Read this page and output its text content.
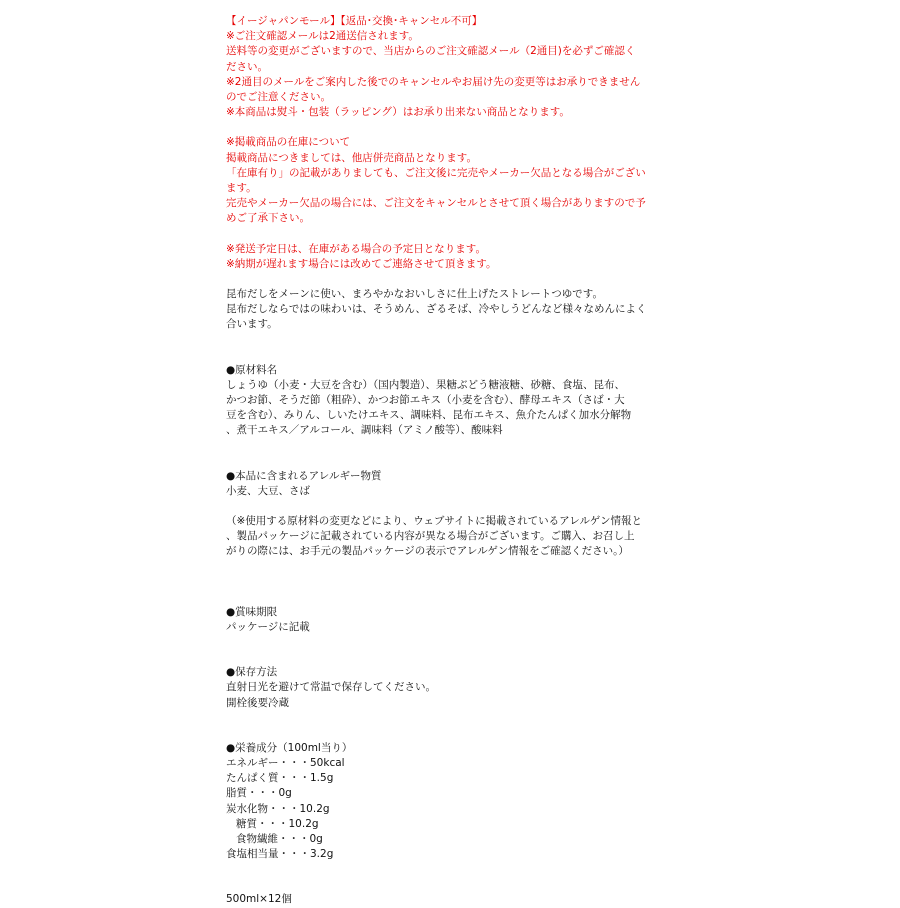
【イージャパンモール】【返品･交換･キャンセル不可】
※ご注文確認メールは2通送信されます。
送料等の変更がございますので、当店からのご注文確認メール（2通目)を必ずご確認く
ださい。
※2通目のメールをご案内した後でのキャンセルやお届け先の変更等はお承りできません
のでご注意ください。
※本商品は熨斗・包装（ラッピング）はお承り出来ない商品となります。
※掲載商品の在庫について
掲載商品につきましては、他店併売商品となります。
「在庫有り」の記載がありましても、ご注文後に完売やメーカー欠品となる場合がござい
ます。
完売やメーカー欠品の場合には、ご注文をキャンセルとさせて頂く場合がありますので予
めご了承下さい。
※発送予定日は、在庫がある場合の予定日となります。
※納期が遅れます場合には改めてご連絡させて頂きます。
昆布だしをメーンに使い、まろやかなおいしさに仕上げたストレートつゆです。
昆布だしならではの味わいは、そうめん、ざるそば、冷やしうどんなど様々なめんによく
合います。
●原材料名
しょうゆ（小麦・大豆を含む）（国内製造）、果糖ぶどう糖液糖、砂糖、食塩、昆布、
かつお節、そうだ節（粗砕）、かつお節エキス（小麦を含む）、酵母エキス（さば・大
豆を含む）、みりん、しいたけエキス、調味料、昆布エキス、魚介たんぱく加水分解物
、煮干エキス／アルコール、調味料（アミノ酸等）、酸味料
●本品に含まれるアレルギー物質
小麦、大豆、さば
（※使用する原材料の変更などにより、ウェブサイトに掲載されているアレルゲン情報と
、製品パッケージに記載されている内容が異なる場合がございます。ご購入、お召し上
がりの際には、お手元の製品パッケージの表示でアレルゲン情報をご確認ください。）
●賞味期限
パッケージに記載
●保存方法
直射日光を避けて常温で保存してください。
開栓後要冷蔵
●栄養成分（100ml当り）
エネルギー・・・50kcal
たんぱく質・・・1.5g
脂質・・・0g
炭水化物・・・10.2g
糖質・・・10.2g
食物繊維・・・0g
食塩相当量・・・3.2g
500ml×12個
